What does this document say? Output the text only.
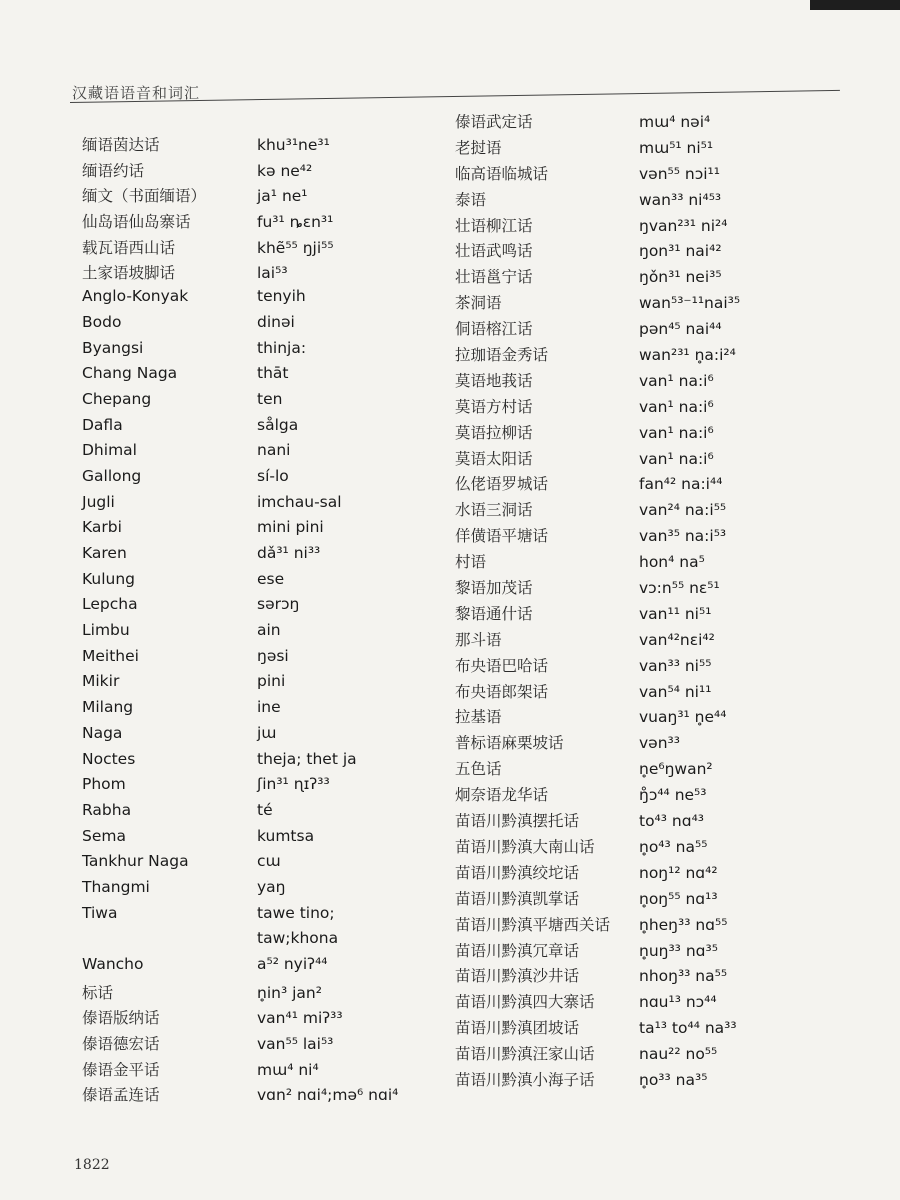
汉藏语语音和词汇
缅语茵达话	khu³¹ne³¹
缅语约话	kə ne⁴²
缅文（书面缅语）	ja¹ ne¹
仙岛语仙岛寨话	fu³¹ ȵɛn³¹
载瓦语西山话	khẽ⁵⁵ ŋji⁵⁵
土家语坡脚话	lai⁵³
Anglo-Konyak	tenyih
Bodo	dinəi
Byangsi	thinja:
Chang Naga	thāt
Chepang	ten
Dafla	sålga
Dhimal	nani
Gallong	sí-lo
Jugli	imchau-sal
Karbi	mini pini
Karen	dǎ³¹ ni³³
Kulung	ese
Lepcha	sərɔŋ
Limbu	ain
Meithei	ŋəsi
Mikir	pini
Milang	ine
Naga	jɯ
Noctes	theja; thet ja
Phom	ʃin³¹ ɳɪʔ³³
Rabha	té
Sema	kumtsa
Tankhur Naga	cɯ
Thangmi	yaŋ
Tiwa	tawe tino;
taw;khona
Wancho	a⁵² nyiʔ⁴⁴
标话	n̥in³ jan²
傣语版纳话	van⁴¹ miʔ³³
傣语德宏话	van⁵⁵ lai⁵³
傣语金平话	mɯ⁴ ni⁴
傣语孟连话	vɑn² nɑi⁴;mə⁶ nɑi⁴
傣语武定话	mɯ⁴ nəi⁴
老挝语	mɯ⁵¹ ni⁵¹
临高语临城话	vən⁵⁵ nɔi¹¹
泰语	wan³³ ni⁴⁵³
壮语柳江话	ŋvan²³¹ ni²⁴
壮语武鸣话	ŋon³¹ nai⁴²
壮语邕宁话	ŋǒn³¹ nei³⁵
茶洞语	wan⁵³⁻¹¹nai³⁵
侗语榕江话	pən⁴⁵ nai⁴⁴
拉珈语金秀话	wan²³¹ n̥a:i²⁴
莫语地莪话	van¹ na:i⁶
莫语方村话	van¹ na:i⁶
莫语拉柳话	van¹ na:i⁶
莫语太阳话	van¹ na:i⁶
仫佬语罗城话	fan⁴² na:i⁴⁴
水语三洞话	van²⁴ na:i⁵⁵
佯僙语平塘话	van³⁵ na:i⁵³
村语	hon⁴ na⁵
黎语加茂话	vɔ:n⁵⁵ nɛ⁵¹
黎语通什话	van¹¹ ni⁵¹
那斗语	van⁴²nɛi⁴²
布央语巴哈话	van³³ ni⁵⁵
布央语郎架话	van⁵⁴ ni¹¹
拉基语	vuaŋ³¹ n̥e⁴⁴
普标语麻栗坡话	vən³³
五色话	n̥e⁶ŋwan²
炯奈语龙华话	ŋ̊ɔ⁴⁴ ne⁵³
苗语川黔滇摆托话	to⁴³ nɑ⁴³
苗语川黔滇大南山话	n̥o⁴³ na⁵⁵
苗语川黔滇绞坨话	noŋ¹² nɑ⁴²
苗语川黔滇凯掌话	n̥oŋ⁵⁵ nɑ¹³
苗语川黔滇平塘西关话	n̥heŋ³³ nɑ⁵⁵
苗语川黔滇冗章话	n̥uŋ³³ nɑ³⁵
苗语川黔滇沙井话	nhoŋ³³ na⁵⁵
苗语川黔滇四大寨话	nɑu¹³ nɔ⁴⁴
苗语川黔滇团坡话	ta¹³ to⁴⁴ na³³
苗语川黔滇汪家山话	nau²² no⁵⁵
苗语川黔滇小海子话	n̥o³³ na³⁵
1822
